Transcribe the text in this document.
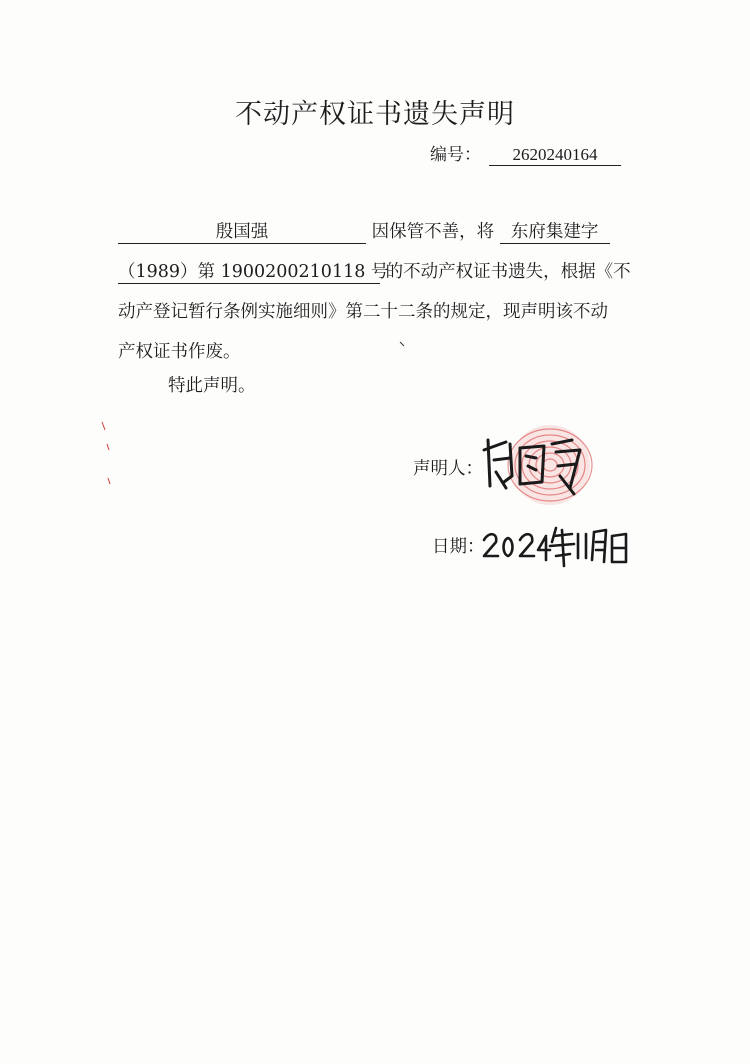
不动产权证书遗失声明
编号： 2620240164
殷国强	因保管不善，将 东府集建字
（1989）第 1900200210118 号 的不动产权证书遗失，根据《不
动产登记暂行条例实施细则》第二十二条的规定，现声明该不动
产权证书作废。
特此声明。
声明人：
日期：
